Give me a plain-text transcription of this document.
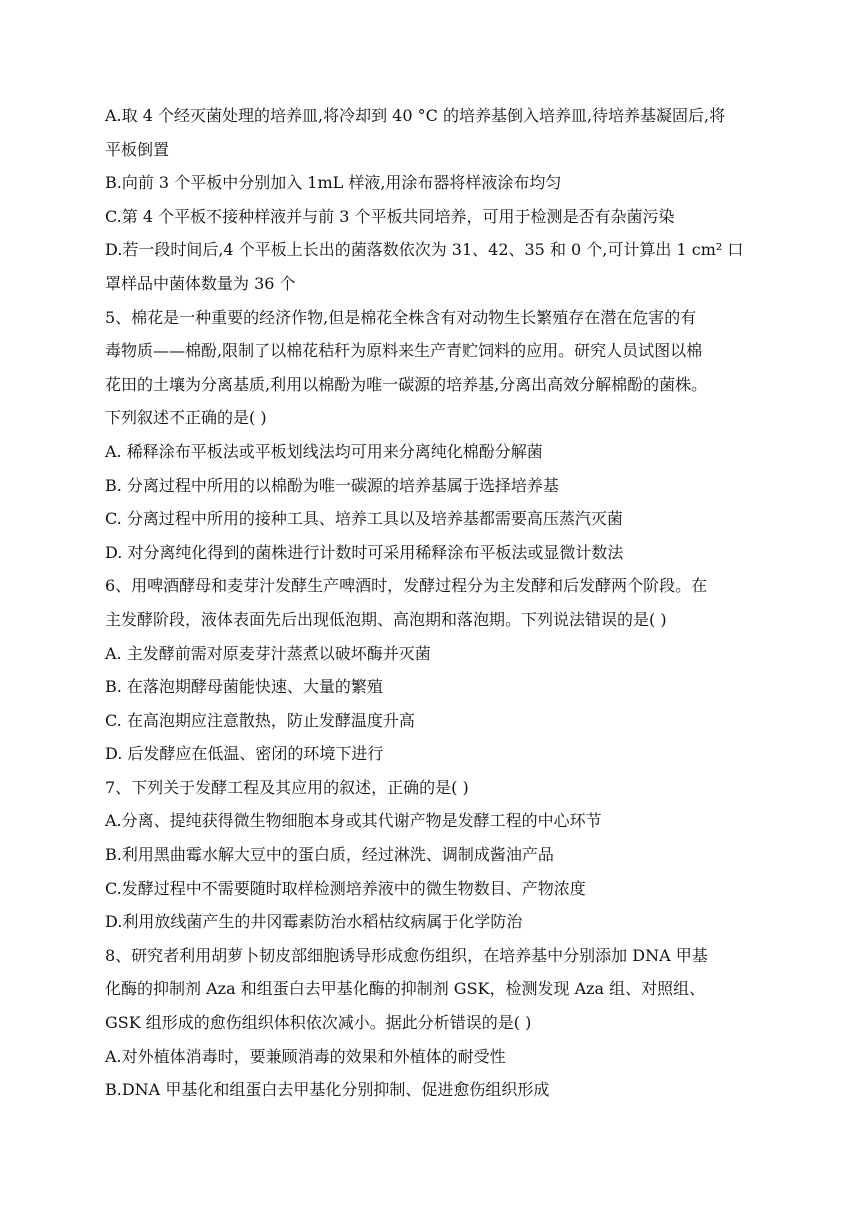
A.取 4 个经灭菌处理的培养皿,将冷却到 40 °C 的培养基倒入培养皿,待培养基凝固后,将
平板倒置
B.向前 3 个平板中分别加入 1mL 样液,用涂布器将样液涂布均匀
C.第 4 个平板不接种样液并与前 3 个平板共同培养，可用于检测是否有杂菌污染
D.若一段时间后,4 个平板上长出的菌落数依次为 31、42、35 和 0 个,可计算出 1 cm² 口
罩样品中菌体数量为 36 个
5、棉花是一种重要的经济作物,但是棉花全株含有对动物生长繁殖存在潜在危害的有
毒物质——棉酚,限制了以棉花秸秆为原料来生产青贮饲料的应用。研究人员试图以棉
花田的土壤为分离基质,利用以棉酚为唯一碳源的培养基,分离出高效分解棉酚的菌株。
下列叙述不正确的是( )
A. 稀释涂布平板法或平板划线法均可用来分离纯化棉酚分解菌
B. 分离过程中所用的以棉酚为唯一碳源的培养基属于选择培养基
C. 分离过程中所用的接种工具、培养工具以及培养基都需要高压蒸汽灭菌
D. 对分离纯化得到的菌株进行计数时可采用稀释涂布平板法或显微计数法
6、用啤酒酵母和麦芽汁发酵生产啤酒时，发酵过程分为主发酵和后发酵两个阶段。在
主发酵阶段，液体表面先后出现低泡期、高泡期和落泡期。下列说法错误的是( )
A. 主发酵前需对原麦芽汁蒸煮以破坏酶并灭菌
B. 在落泡期酵母菌能快速、大量的繁殖
C. 在高泡期应注意散热，防止发酵温度升高
D. 后发酵应在低温、密闭的环境下进行
7、下列关于发酵工程及其应用的叙述，正确的是( )
A.分离、提纯获得微生物细胞本身或其代谢产物是发酵工程的中心环节
B.利用黑曲霉水解大豆中的蛋白质，经过淋洗、调制成酱油产品
C.发酵过程中不需要随时取样检测培养液中的微生物数目、产物浓度
D.利用放线菌产生的井冈霉素防治水稻枯纹病属于化学防治
8、研究者利用胡萝卜韧皮部细胞诱导形成愈伤组织，在培养基中分别添加 DNA 甲基
化酶的抑制剂 Aza 和组蛋白去甲基化酶的抑制剂 GSK，检测发现 Aza 组、对照组、
GSK 组形成的愈伤组织体积依次减小。据此分析错误的是( )
A.对外植体消毒时，要兼顾消毒的效果和外植体的耐受性
B.DNA 甲基化和组蛋白去甲基化分别抑制、促进愈伤组织形成
